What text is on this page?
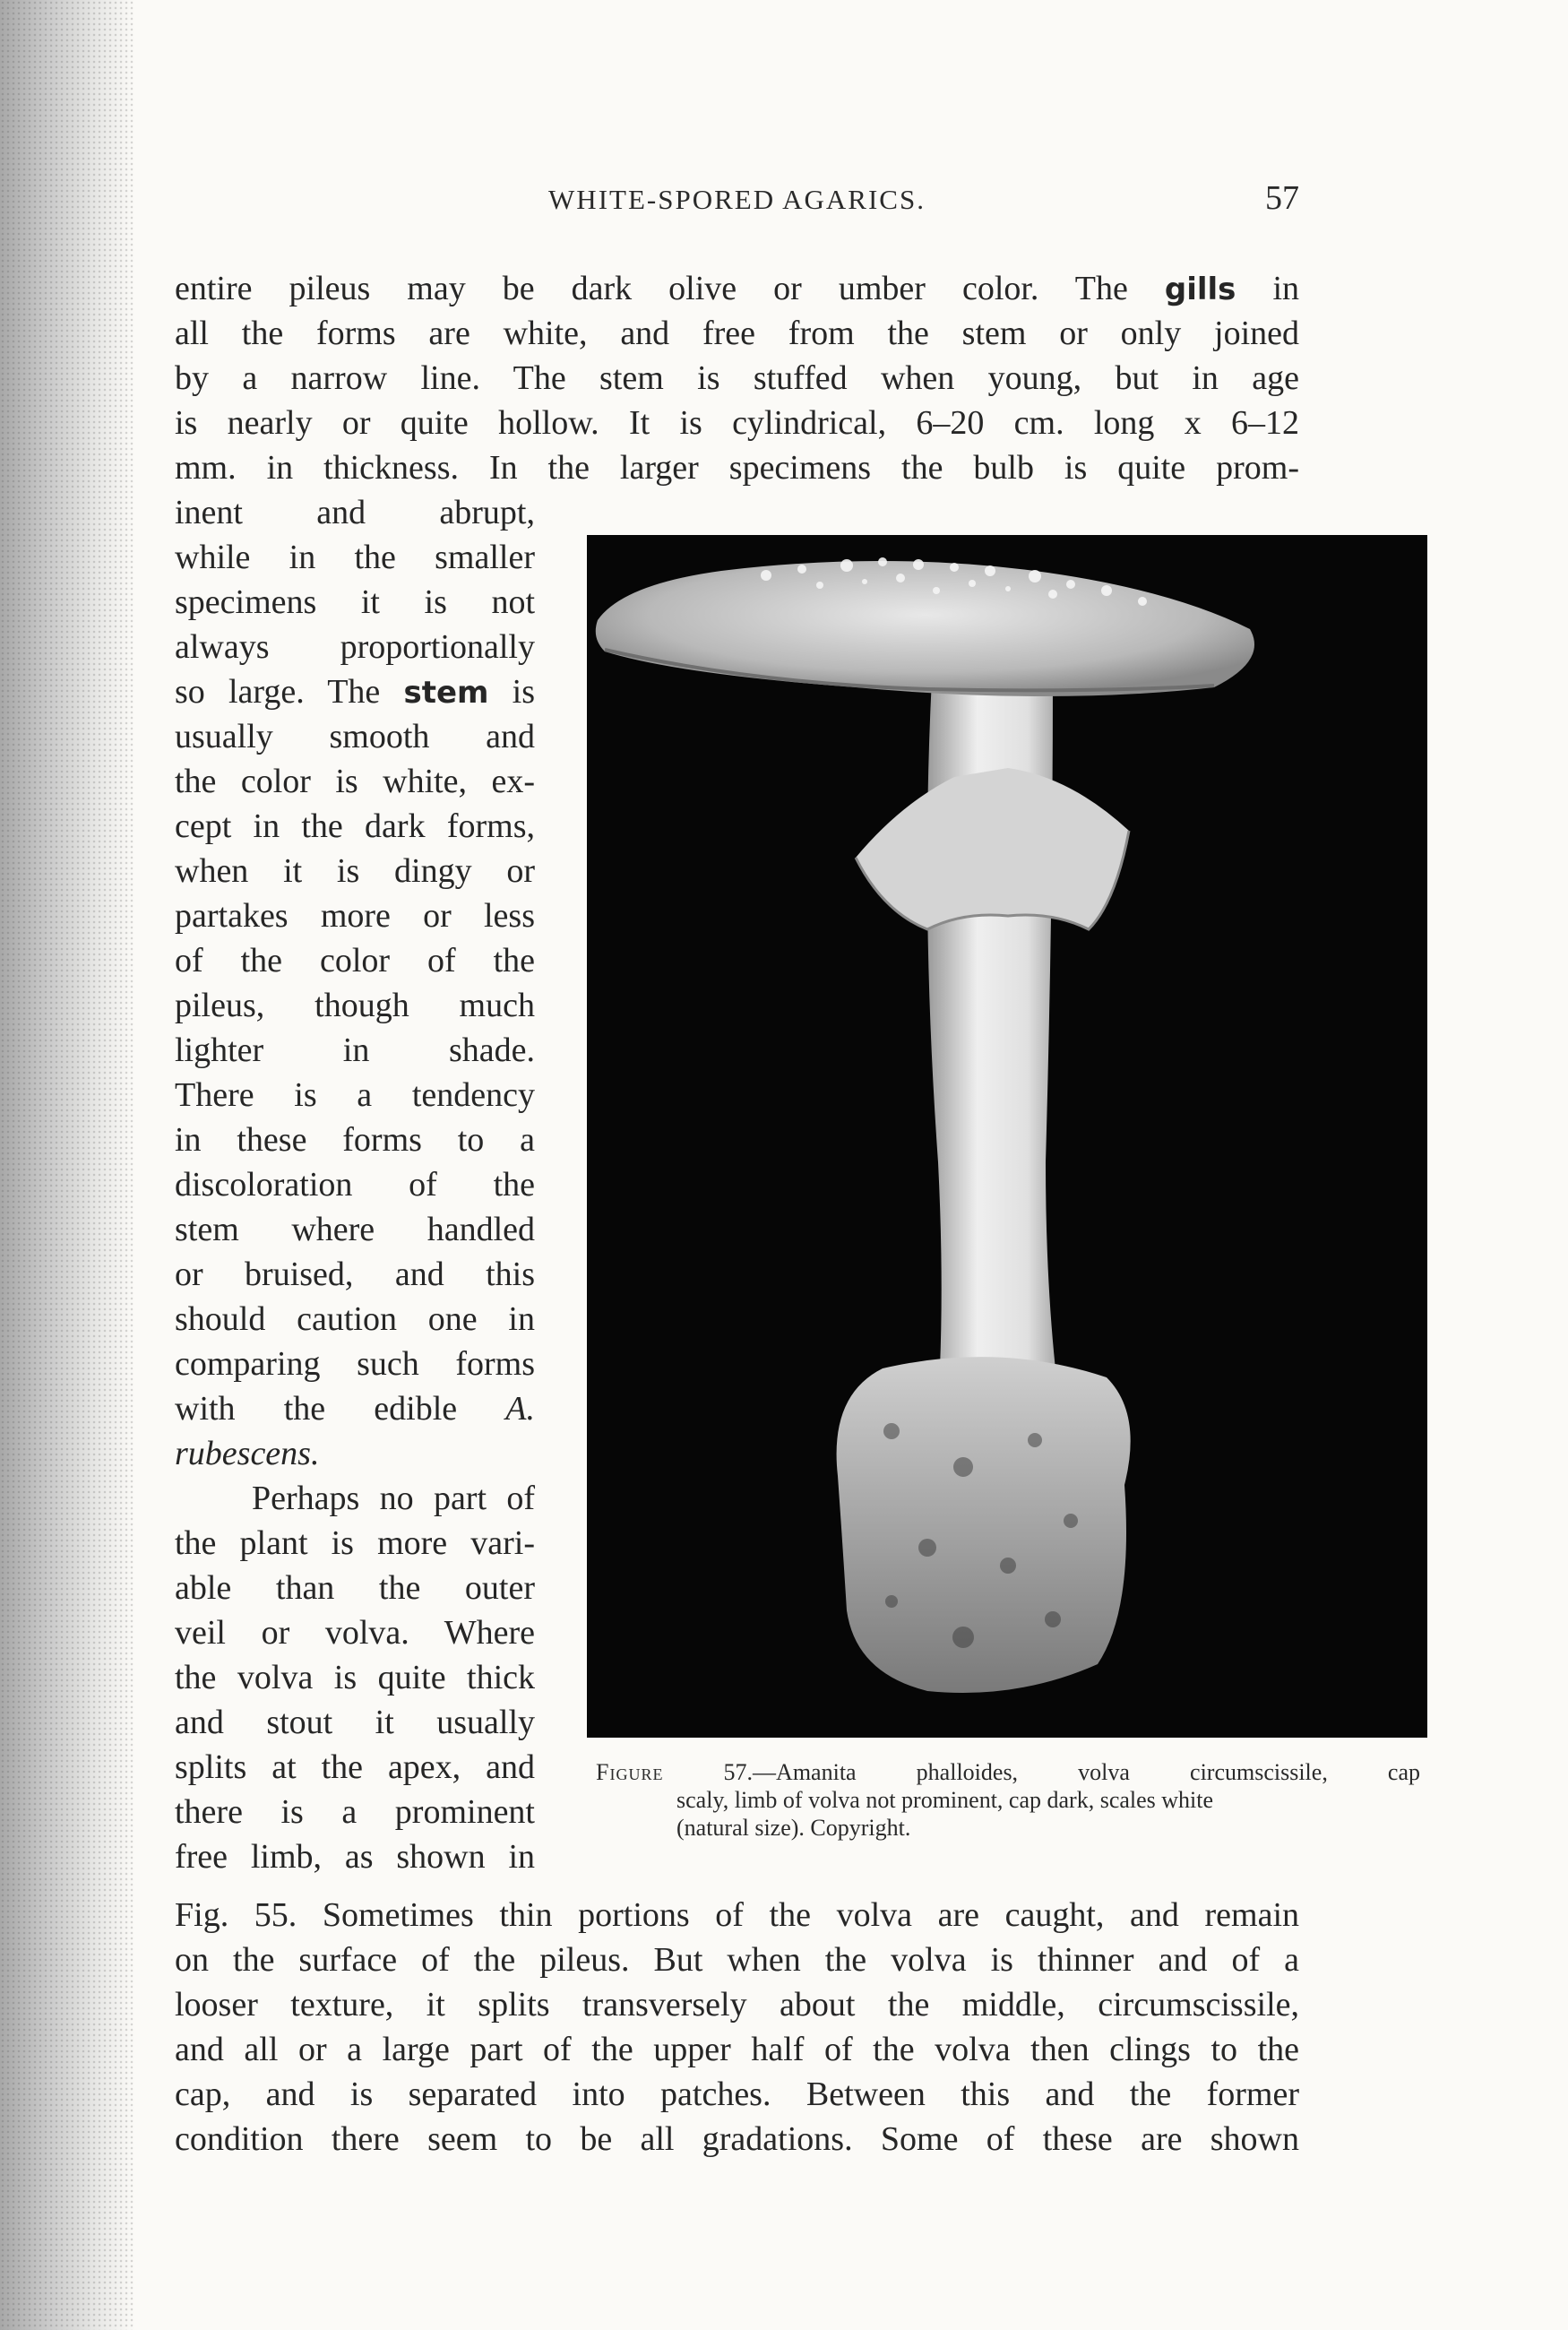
WHITE-SPORED AGARICS.	57

entire pileus may be dark olive or umber color. The gills in

all the forms are white, and free from the stem or only joined

by a narrow line. The stem is stuffed when young, but in age

is nearly or quite hollow. It is cylindrical, 6–20 cm. long x 6–12

mm. in thickness. In the larger specimens the bulb is quite prom-

inent and abrupt,

while in the smaller

specimens it is not

always proportionally

so large. The stem is

usually smooth and

the color is white, ex-

cept in the dark forms,

when it is dingy or

partakes more or less

of the color of the

pileus, though much

lighter in shade.

There is a tendency

in these forms to a

discoloration of the

stem where handled

or bruised, and this

should caution one in

comparing such forms

with the edible A.

rubescens.

Perhaps no part of

the plant is more vari-

able than the outer

veil or volva. Where

the volva is quite thick

and stout it usually

splits at the apex, and

there is a prominent

free limb, as shown in

Figure 57.—Amanita phalloides, volva circumscissile, cap

scaly, limb of volva not prominent, cap dark, scales white

(natural size). Copyright.

Fig. 55. Sometimes thin portions of the volva are caught, and remain

on the surface of the pileus. But when the volva is thinner and of a

looser texture, it splits transversely about the middle, circumscissile,

and all or a large part of the upper half of the volva then clings to the

cap, and is separated into patches. Between this and the former

condition there seem to be all gradations. Some of these are shown
